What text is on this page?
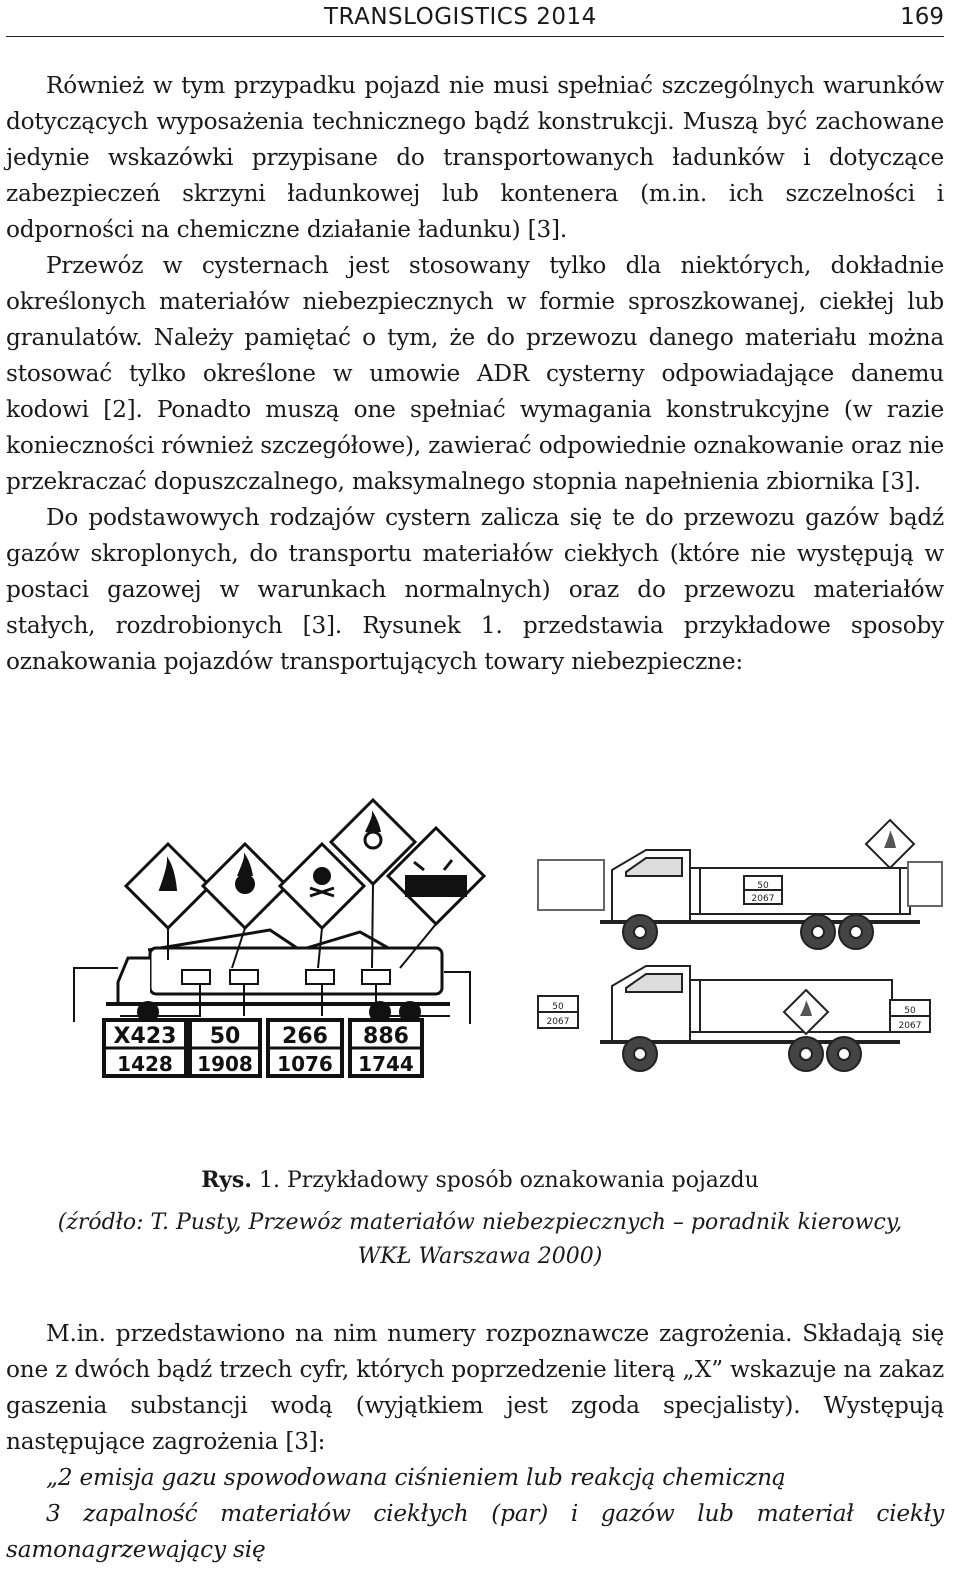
TRANSLOGISTICS 2014	169

Również w tym przypadku pojazd nie musi spełniać szczególnych warunków dotyczących wyposażenia technicznego bądź konstrukcji. Muszą być zachowane jedynie wskazówki przypisane do transportowanych ładunków i dotyczące zabezpieczeń skrzyni ładunkowej lub kontenera (m.in. ich szczelności i odporności na chemiczne działanie ładunku) [3].

Przewóz w cysternach jest stosowany tylko dla niektórych, dokładnie określonych materiałów niebezpiecznych w formie sproszkowanej, ciekłej lub granulatów. Należy pamiętać o tym, że do przewozu danego materiału można stosować tylko określone w umowie ADR cysterny odpowiadające danemu kodowi [2]. Ponadto muszą one spełniać wymagania konstrukcyjne (w razie konieczności również szczegółowe), zawierać odpowiednie oznakowanie oraz nie przekraczać dopuszczalnego, maksymalnego stopnia napełnienia zbiornika [3].

Do podstawowych rodzajów cystern zalicza się te do przewozu gazów bądź gazów skroplonych, do transportu materiałów ciekłych (które nie występują w postaci gazowej w warunkach normalnych) oraz do przewozu materiałów stałych, rozdrobionych [3]. Rysunek 1. przedstawia przykładowe sposoby oznakowania pojazdów transportujących towary niebezpieczne:

X423
1428
50
1908
266
1076
886
1744
50
2067
50
2067
50
2067
Rys. 1. Przykładowy sposób oznakowania pojazdu
(źródło: T. Pusty, Przewóz materiałów niebezpiecznych – poradnik kierowcy,
WKŁ Warszawa 2000)

M.in. przedstawiono na nim numery rozpoznawcze zagrożenia. Składają się one z dwóch bądź trzech cyfr, których poprzedzenie literą „X” wskazuje na zakaz gaszenia substancji wodą (wyjątkiem jest zgoda specjalisty). Występują następujące zagrożenia [3]:

„2 emisja gazu spowodowana ciśnieniem lub reakcją chemiczną
3 zapalność materiałów ciekłych (par) i gazów lub materiał ciekły samonagrzewający się
